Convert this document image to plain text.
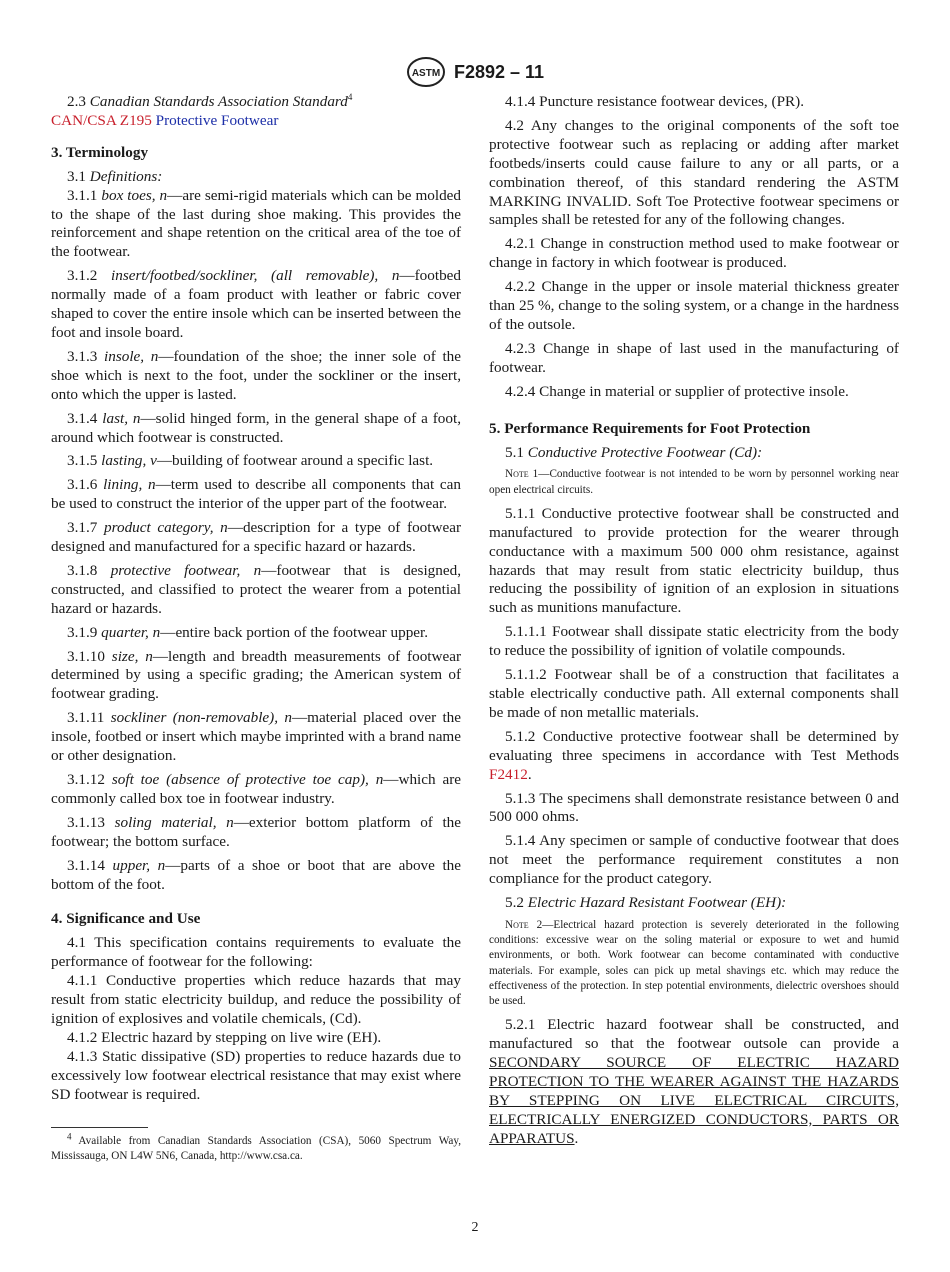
ASTM F2892 – 11

2.3 Canadian Standards Association Standard$^4$

CAN/CSA Z195 Protective Footwear

3. Terminology

3.1 Definitions:

3.1.1 box toes, n—are semi-rigid materials which can be molded to the shape of the last during shoe making. This provides the reinforcement and shape retention on the critical area of the toe of the footwear.

3.1.2 insert/footbed/sockliner, (all removable), n—footbed normally made of a foam product with leather or fabric cover shaped to cover the entire insole which can be inserted between the foot and insole board.

3.1.3 insole, n—foundation of the shoe; the inner sole of the shoe which is next to the foot, under the sockliner or the insert, onto which the upper is lasted.

3.1.4 last, n—solid hinged form, in the general shape of a foot, around which footwear is constructed.

3.1.5 lasting, v—building of footwear around a specific last.

3.1.6 lining, n—term used to describe all components that can be used to construct the interior of the upper part of the footwear.

3.1.7 product category, n—description for a type of footwear designed and manufactured for a specific hazard or hazards.

3.1.8 protective footwear, n—footwear that is designed, constructed, and classified to protect the wearer from a potential hazard or hazards.

3.1.9 quarter, n—entire back portion of the footwear upper.

3.1.10 size, n—length and breadth measurements of footwear determined by using a specific grading; the American system of footwear grading.

3.1.11 sockliner (non-removable), n—material placed over the insole, footbed or insert which maybe imprinted with a brand name or other designation.

3.1.12 soft toe (absence of protective toe cap), n—which are commonly called box toe in footwear industry.

3.1.13 soling material, n—exterior bottom platform of the footwear; the bottom surface.

3.1.14 upper, n—parts of a shoe or boot that are above the bottom of the foot.

4. Significance and Use

4.1 This specification contains requirements to evaluate the performance of footwear for the following:

4.1.1 Conductive properties which reduce hazards that may result from static electricity buildup, and reduce the possibility of ignition of explosives and volatile chemicals, (Cd).

4.1.2 Electric hazard by stepping on live wire (EH).

4.1.3 Static dissipative (SD) properties to reduce hazards due to excessively low footwear electrical resistance that may exist where SD footwear is required.

$^4$ Available from Canadian Standards Association (CSA), 5060 Spectrum Way, Mississauga, ON L4W 5N6, Canada, http://www.csa.ca.

4.1.4 Puncture resistance footwear devices, (PR).

4.2 Any changes to the original components of the soft toe protective footwear such as replacing or adding after market footbeds/inserts could cause failure to any or all parts, or a combination thereof, of this standard rendering the ASTM MARKING INVALID. Soft Toe Protective footwear specimens or samples shall be retested for any of the following changes.

4.2.1 Change in construction method used to make footwear or change in factory in which footwear is produced.

4.2.2 Change in the upper or insole material thickness greater than 25 %, change to the soling system, or a change in the hardness of the outsole.

4.2.3 Change in shape of last used in the manufacturing of footwear.

4.2.4 Change in material or supplier of protective insole.

5. Performance Requirements for Foot Protection

5.1 Conductive Protective Footwear (Cd):

Note 1—Conductive footwear is not intended to be worn by personnel working near open electrical circuits.

5.1.1 Conductive protective footwear shall be constructed and manufactured to provide protection for the wearer through conductance with a maximum 500 000 ohm resistance, against hazards that may result from static electricity buildup, thus reducing the possibility of ignition of an explosion in situations such as munitions manufacture.

5.1.1.1 Footwear shall dissipate static electricity from the body to reduce the possibility of ignition of volatile compounds.

5.1.1.2 Footwear shall be of a construction that facilitates a stable electrically conductive path. All external components shall be made of non metallic materials.

5.1.2 Conductive protective footwear shall be determined by evaluating three specimens in accordance with Test Methods F2412.

5.1.3 The specimens shall demonstrate resistance between 0 and 500 000 ohms.

5.1.4 Any specimen or sample of conductive footwear that does not meet the performance requirement constitutes a non compliance for the product category.

5.2 Electric Hazard Resistant Footwear (EH):

Note 2—Electrical hazard protection is severely deteriorated in the following conditions: excessive wear on the soling material or exposure to wet and humid environments, or both. Work footwear can become contaminated with conductive materials. For example, soles can pick up metal shavings etc. which may reduce the effectiveness of the protection. In step potential environments, dielectric overshoes should be used.

5.2.1 Electric hazard footwear shall be constructed, and manufactured so that the footwear outsole can provide a SECONDARY SOURCE OF ELECTRIC HAZARD PROTECTION TO THE WEARER AGAINST THE HAZARDS BY STEPPING ON LIVE ELECTRICAL CIRCUITS, ELECTRICALLY ENERGIZED CONDUCTORS, PARTS OR APPARATUS.

2
